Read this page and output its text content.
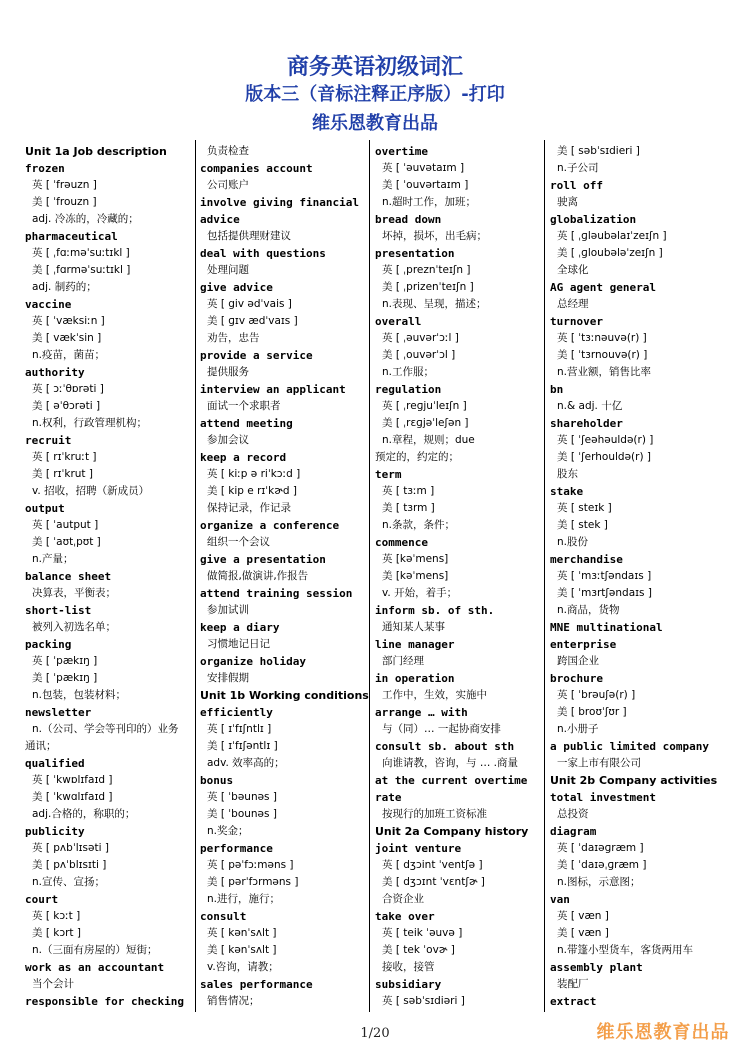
商务英语初级词汇
版本三（音标注释正序版）-打印
维乐恩教育出品
Unit 1a Job description
frozen
英 [ ˈfrəuzn ]
美 [ ˈfrouzn ]
adj. 冷冻的，冷藏的；
pharmaceutical
英 [ ˌfɑːməˈsuːtɪkl ]
美 [ ˌfɑrməˈsuːtɪkl ]
adj. 制药的；
vaccine
英 [ ˈvæksiːn ]
美 [ vækˈsin ]
n.疫苗，菌苗；
authority
英 [ ɔːˈθɒrəti ]
美 [ əˈθɔrəti ]
n.权利，行政管理机构；
recruit
英 [ rɪˈkruːt ]
美 [ rɪˈkrut ]
v. 招收，招聘（新成员）
output
英 [ ˈautput ]
美 [ ˈaʊtˌpʊt ]
n.产量；
balance sheet
决算表，平衡表；
short-list
被列入初选名单；
packing
英 [ ˈpækɪŋ ]
美 [ ˈpækɪŋ ]
n.包装，包装材料；
newsletter
n.（公司、学会等刊印的）业务
通讯；
qualified
英 [ ˈkwɒlɪfaɪd ]
美 [ ˈkwɑlɪfaɪd ]
adj.合格的，称职的；
publicity
英 [ pʌbˈlɪsəti ]
美 [ pʌˈblɪsɪti ]
n.宣传、宣扬；
court
英 [ kɔːt ]
美 [ kɔrt ]
n.（三面有房屋的）短街；
work as an accountant
当个会计
responsible for checking
负责检查
companies account
公司账户
involve giving financial
advice
包括提供理财建议
deal with questions
处理问题
give advice
英 [ giv ədˈvais ]
美 [ ɡɪv ædˈvaɪs ]
劝告，忠告
provide a service
提供服务
interview an applicant
面试一个求职者
attend meeting
参加会议
keep a record
英 [ kiːp ə riˈkɔːd ]
美 [ kip e rɪˈkɚd ]
保持记录，作记录
organize a conference
组织一个会议
give a presentation
做简报,做演讲,作报告
attend training session
参加试训
keep a diary
习惯地记日记
organize holiday
安排假期
Unit 1b Working conditions
efficiently
英 [ ɪˈfɪʃntlɪ ]
美 [ ɪˈfɪʃəntlɪ ]
adv. 效率高的；
bonus
英 [ ˈbəunəs ]
美 [ ˈbounəs ]
n.奖金；
performance
英 [ pəˈfɔːməns ]
美 [ pərˈfɔrməns ]
n.进行，施行；
consult
英 [ kənˈsʌlt ]
美 [ kənˈsʌlt ]
v.咨询，请教；
sales performance
销售情况；
overtime
英 [ ˈəuvətaɪm ]
美 [ ˈouvərtaɪm ]
n.超时工作，加班；
bread down
坏掉，损坏，出毛病；
presentation
英 [ ˌpreznˈteɪʃn ]
美 [ ˌprizenˈteɪʃn ]
n.表现、呈现，描述；
overall
英 [ ˌəuvərˈɔːl ]
美 [ ˌouvərˈɔl ]
n.工作服；
regulation
英 [ ˌreɡjuˈleɪʃn ]
美 [ ˌrɛɡjəˈleʃən ]
n.章程，规则；due
预定的，约定的；
term
英 [ tɜːm ]
美 [ tɜrm ]
n.条款，条件；
commence
英 [kəˈmens]
美 [kəˈmens]
v. 开始，着手；
inform sb. of sth.
通知某人某事
line manager
部门经理
in operation
工作中，生效，实施中
arrange … with
与（同）… 一起协商安排
consult sb. about sth
向谁请教，咨询，与 … .商量
at the current overtime
rate
按现行的加班工资标准
Unit 2a Company history
joint venture
英 [ dʒɔint ˈventʃə ]
美 [ dʒɔɪnt ˈvɛntʃɚ ]
合资企业
take over
英 [ teik ˈəuvə ]
美 [ tek ˈovɚ ]
接收，接管
subsidiary
英 [ səbˈsɪdiəri ]
美 [ səbˈsɪdieri ]
n.子公司
roll off
驶离
globalization
英 [ ˌɡləubəlaɪˈzeɪʃn ]
美 [ ˌɡloubələˈzeɪʃn ]
全球化
AG agent general
总经理
turnover
英 [ ˈtɜːnəuvə(r) ]
美 [ ˈtɜrnouvə(r) ]
n.营业额，销售比率
bn
n.& adj. 十亿
shareholder
英 [ ˈʃeəhəuldə(r) ]
美 [ ˈʃerhouldə(r) ]
股东
stake
英 [ steɪk ]
美 [ stek ]
n.股份
merchandise
英 [ ˈmɜːtʃəndaɪs ]
美 [ ˈmɜrtʃəndaɪs ]
n.商品，货物
MNE multinational
enterprise
跨国企业
brochure
英 [ ˈbrəuʃə(r) ]
美 [ broʊˈʃʊr ]
n.小册子
a public limited company
一家上市有限公司
Unit 2b Company activities
total investment
总投资
diagram
英 [ ˈdaɪəɡræm ]
美 [ ˈdaɪəˌɡræm ]
n.图标，示意图；
van
英 [ væn ]
美 [ væn ]
n.带篷小型货车，客货两用车
assembly plant
装配厂
extract
1/20	维乐恩教育出品
